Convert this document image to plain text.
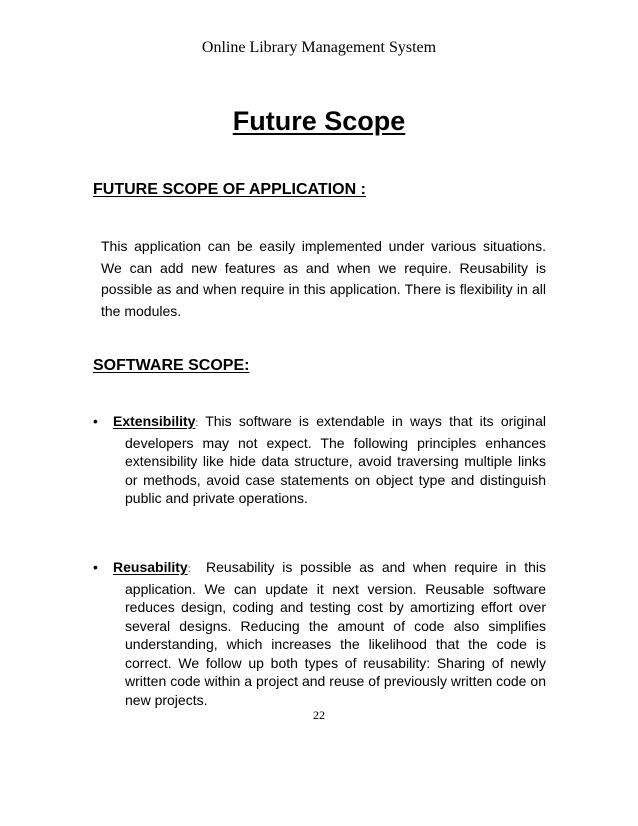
Online Library Management System
Future Scope
FUTURE SCOPE OF APPLICATION :
This application can be easily implemented under various situations. We can add new features as and when we require. Reusability is possible as and when require in this application. There is flexibility in all the modules.
SOFTWARE SCOPE:
• Extensibility: This software is extendable in ways that its original developers may not expect. The following principles enhances extensibility like hide data structure, avoid traversing multiple links or methods, avoid case statements on object type and distinguish public and private operations.
• Reusability:  Reusability is possible as and when require in this application. We can update it next version. Reusable software reduces design, coding and testing cost by amortizing effort over several designs. Reducing the amount of code also simplifies understanding, which increases the likelihood that the code is correct. We follow up both types of reusability: Sharing of newly written code within a project and reuse of previously written code on new projects.
22
